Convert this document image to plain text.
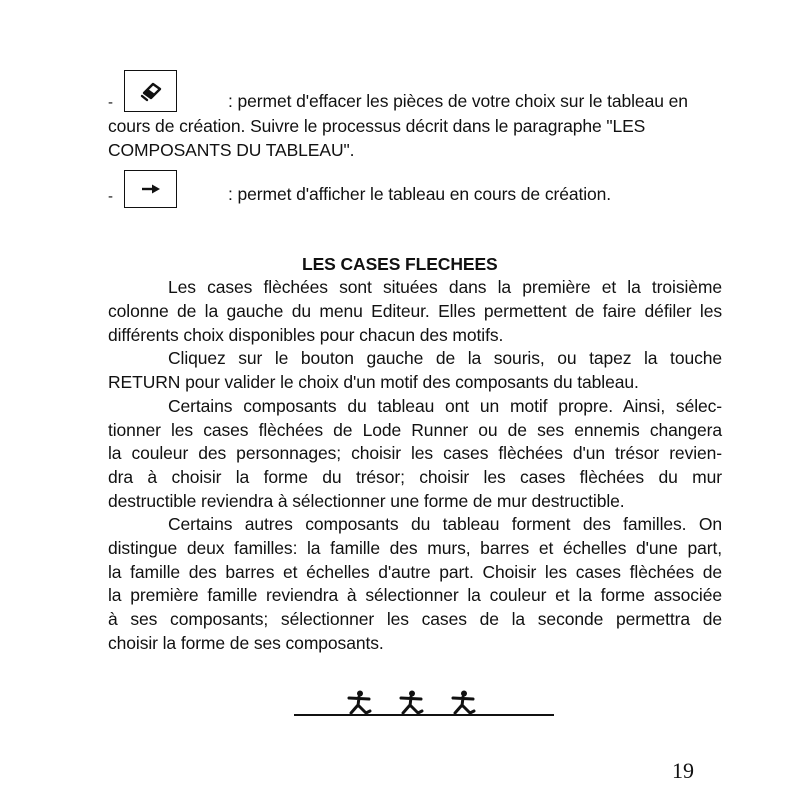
-	: permet d'effacer les pièces de votre choix sur le tableau en
cours de création. Suivre le processus décrit dans le paragraphe "LES
COMPOSANTS DU TABLEAU".
-	: permet d'afficher le tableau en cours de création.
LES CASES FLECHEES
Les cases flèchées sont situées dans la première et la troisième
colonne de la gauche du menu Editeur. Elles permettent de faire défiler les
différents choix disponibles pour chacun des motifs.
Cliquez sur le bouton gauche de la souris, ou tapez la touche
RETURN pour valider le choix d'un motif des composants du tableau.
Certains composants du tableau ont un motif propre. Ainsi, sélec-
tionner les cases flèchées de Lode Runner ou de ses ennemis changera
la couleur des personnages; choisir les cases flèchées d'un trésor revien-
dra à choisir la forme du trésor; choisir les cases flèchées du mur
destructible reviendra à sélectionner une forme de mur destructible.
Certains autres composants du tableau forment des familles. On
distingue deux familles: la famille des murs, barres et échelles d'une part,
la famille des barres et échelles d'autre part. Choisir les cases flèchées de
la première famille reviendra à sélectionner la couleur et la forme associée
à ses composants; sélectionner les cases de la seconde permettra de
choisir la forme de ses composants.
19
